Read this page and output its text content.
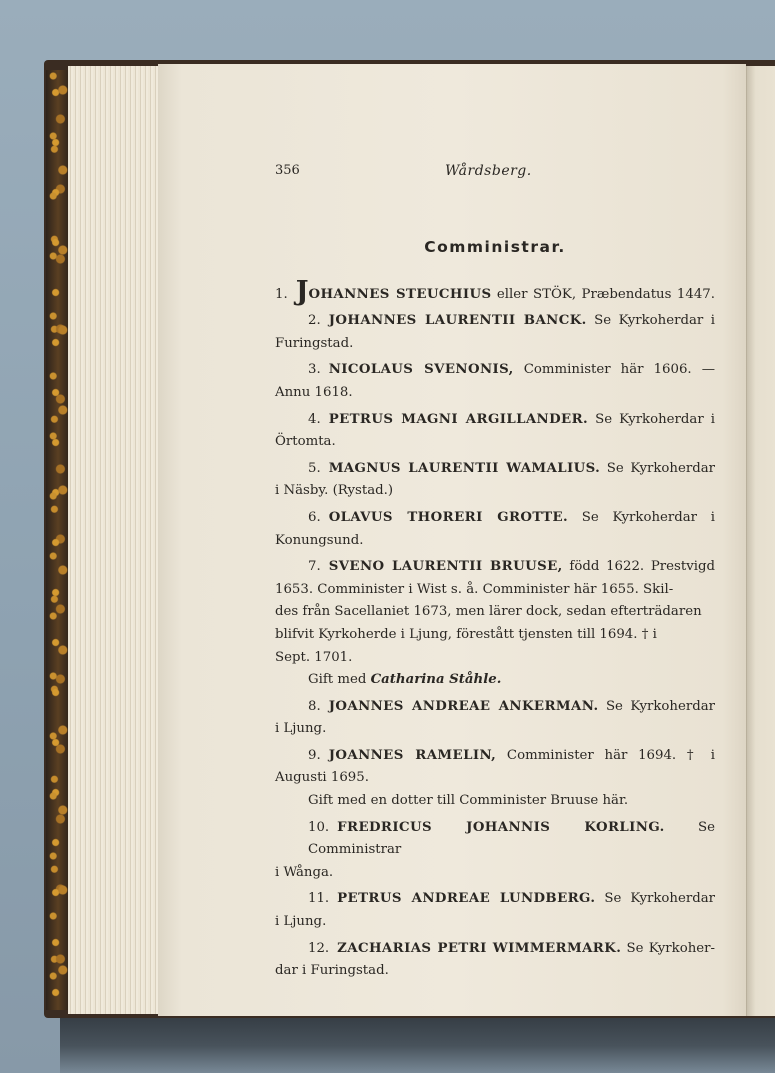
356	Wårdsberg.
Comministrar.
1. JOHANNES STEUCHIUS eller STÖK, Præbendatus 1447.
2. JOHANNES LAURENTII BANCK. Se Kyrkoherdar i
Furingstad.
3. NICOLAUS SVENONIS, Comminister här 1606. —
Annu 1618.
4. PETRUS MAGNI ARGILLANDER. Se Kyrkoherdar i
Örtomta.
5. MAGNUS LAURENTII WAMALIUS. Se Kyrkoherdar
i Näsby. (Rystad.)
6. OLAVUS THORERI GROTTE. Se Kyrkoherdar i
Konungsund.
7. SVENO LAURENTII BRUUSE, född 1622. Prestvigd
1653. Comminister i Wist s. å. Comminister här 1655. Skil-
des från Sacellaniet 1673, men lärer dock, sedan efterträdaren
blifvit Kyrkoherde i Ljung, förestått tjensten till 1694. † i
Sept. 1701.
Gift med Catharina Ståhle.
8. JOANNES ANDREAE ANKERMAN. Se Kyrkoherdar
i Ljung.
9. JOANNES RAMELIN, Comminister här 1694. † i
Augusti 1695.
Gift med en dotter till Comminister Bruuse här.
10. FREDRICUS JOHANNIS KORLING. Se Comministrar
i Wånga.
11. PETRUS ANDREAE LUNDBERG. Se Kyrkoherdar
i Ljung.
12. ZACHARIAS PETRI WIMMERMARK. Se Kyrkoher-
dar i Furingstad.
